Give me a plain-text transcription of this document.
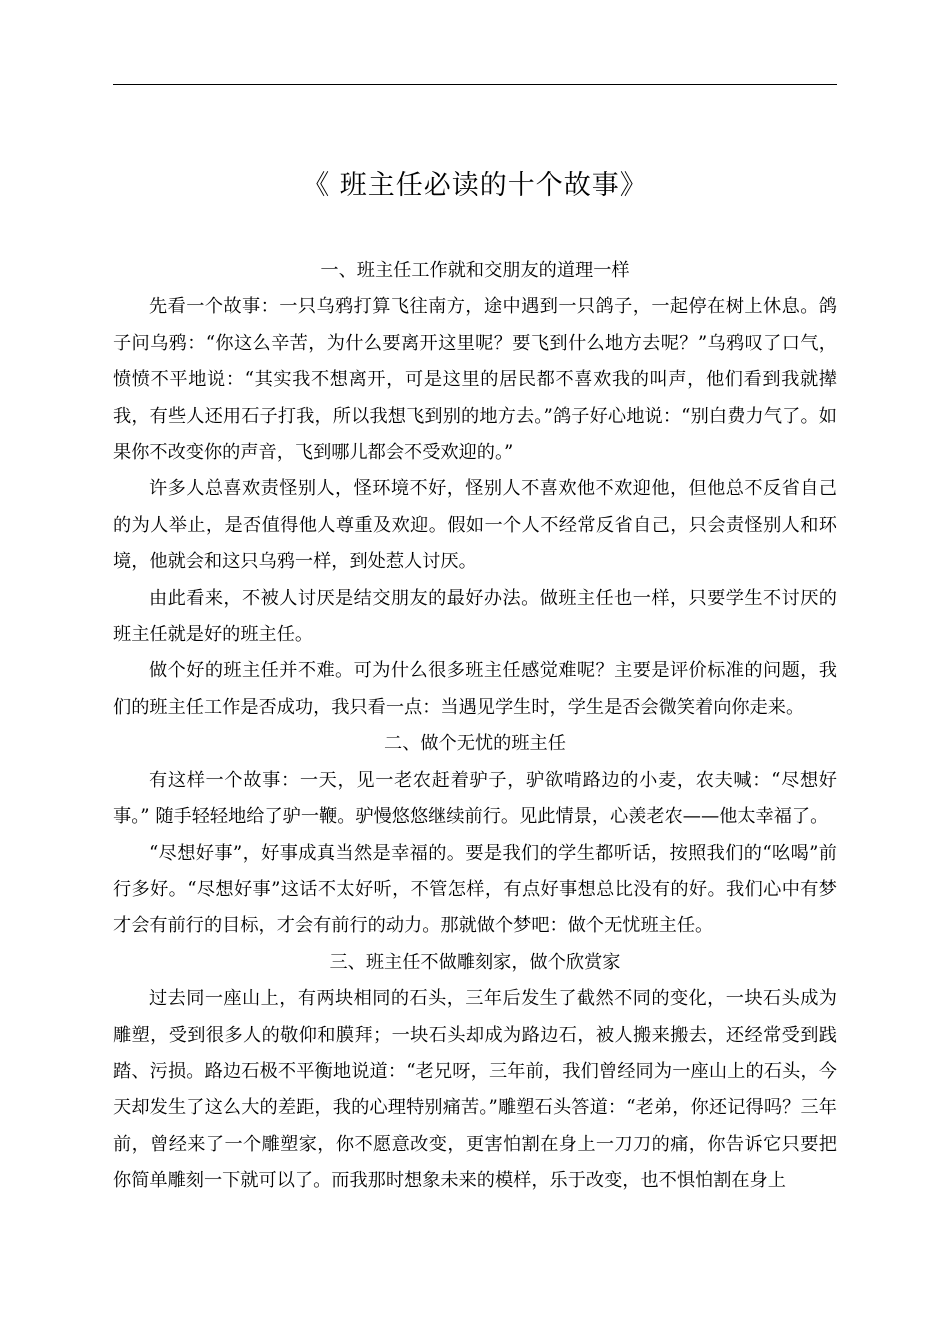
《 班主任必读的十个故事》

一、班主任工作就和交朋友的道理一样

先看一个故事：一只乌鸦打算飞往南方，途中遇到一只鸽子，一起停在树上休息。鸽子问乌鸦：“你这么辛苦，为什么要离开这里呢？要飞到什么地方去呢？”乌鸦叹了口气，愤愤不平地说：“其实我不想离开，可是这里的居民都不喜欢我的叫声，他们看到我就撵我，有些人还用石子打我，所以我想飞到别的地方去。”鸽子好心地说：“别白费力气了。如果你不改变你的声音，飞到哪儿都会不受欢迎的。”

许多人总喜欢责怪别人，怪环境不好，怪别人不喜欢他不欢迎他，但他总不反省自己的为人举止，是否值得他人尊重及欢迎。假如一个人不经常反省自己，只会责怪别人和环境，他就会和这只乌鸦一样，到处惹人讨厌。

由此看来，不被人讨厌是结交朋友的最好办法。做班主任也一样，只要学生不讨厌的班主任就是好的班主任。

做个好的班主任并不难。可为什么很多班主任感觉难呢？主要是评价标准的问题，我们的班主任工作是否成功，我只看一点：当遇见学生时，学生是否会微笑着向你走来。

二、做个无忧的班主任

有这样一个故事：一天，见一老农赶着驴子，驴欲啃路边的小麦，农夫喊：“尽想好事。” 随手轻轻地给了驴一鞭。驴慢悠悠继续前行。见此情景，心羡老农——他太幸福了。

“尽想好事”，好事成真当然是幸福的。要是我们的学生都听话，按照我们的“吆喝”前行多好。“尽想好事”这话不太好听，不管怎样，有点好事想总比没有的好。我们心中有梦才会有前行的目标，才会有前行的动力。那就做个梦吧：做个无忧班主任。

三、班主任不做雕刻家，做个欣赏家

过去同一座山上，有两块相同的石头，三年后发生了截然不同的变化，一块石头成为雕塑，受到很多人的敬仰和膜拜；一块石头却成为路边石，被人搬来搬去，还经常受到践踏、污损。路边石极不平衡地说道：“老兄呀，三年前，我们曾经同为一座山上的石头，今天却发生了这么大的差距，我的心理特别痛苦。”雕塑石头答道：“老弟，你还记得吗？三年前，曾经来了一个雕塑家，你不愿意改变，更害怕割在身上一刀刀的痛，你告诉它只要把你简单雕刻一下就可以了。而我那时想象未来的模样，乐于改变，也不惧怕割在身上
